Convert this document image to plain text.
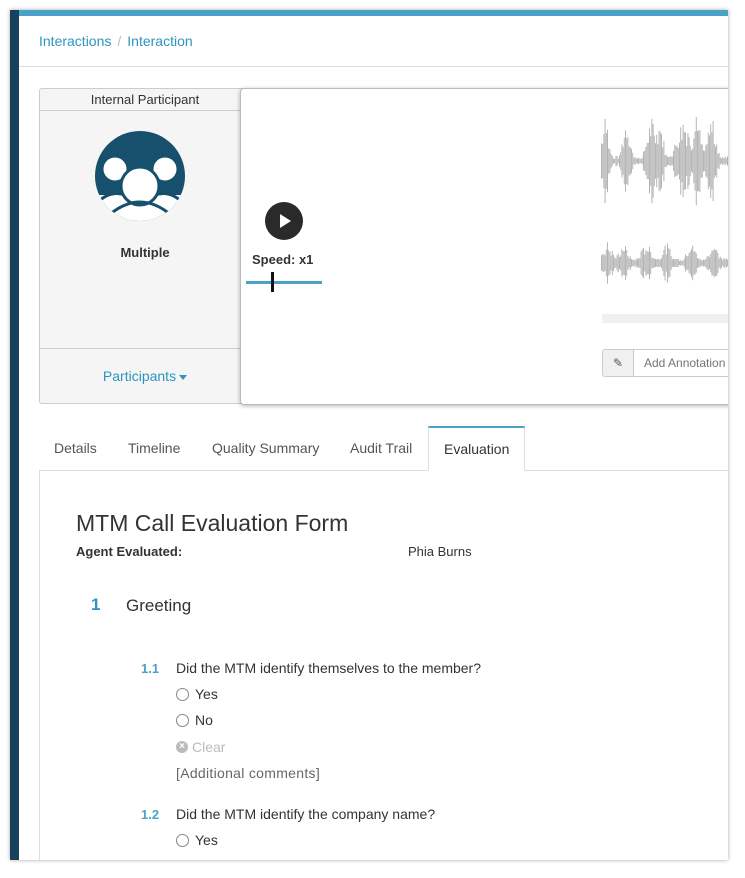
Interactions / Interaction
Internal Participant
Multiple
Participants
Speed: x1
✎
Add Annotation
Details	Timeline	Quality Summary	Audit Trail	Evaluation
MTM Call Evaluation Form
Agent Evaluated:	Phia Burns
1 Greeting
1.1 Did the MTM identify themselves to the member?
Yes
No
× Clear
[Additional comments]
1.2 Did the MTM identify the company name?
Yes
